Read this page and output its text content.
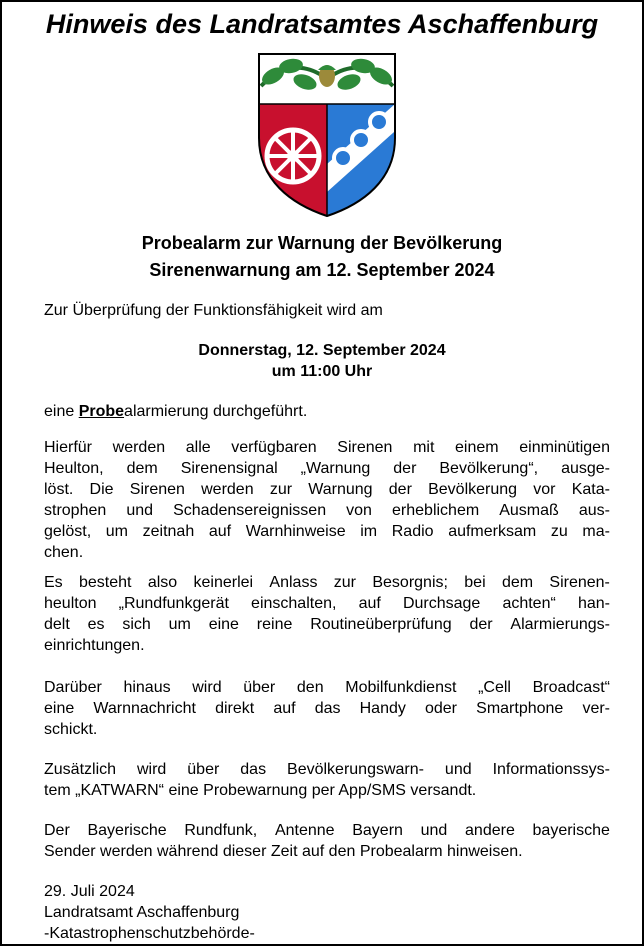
Hinweis des Landratsamtes Aschaffenburg
Probealarm zur Warnung der Bevölkerung
Sirenenwarnung am 12. September 2024
Zur Überprüfung der Funktionsfähigkeit wird am
Donnerstag, 12. September 2024
um 11:00 Uhr
eine Probealarmierung durchgeführt.
Hierfür werden alle verfügbaren Sirenen mit einem einminütigen
Heulton, dem Sirenensignal „Warnung der Bevölkerung“, ausge-
löst. Die Sirenen werden zur Warnung der Bevölkerung vor Kata-
strophen und Schadensereignissen von erheblichem Ausmaß aus-
gelöst, um zeitnah auf Warnhinweise im Radio aufmerksam zu ma-
chen.
Es besteht also keinerlei Anlass zur Besorgnis; bei dem Sirenen-
heulton „Rundfunkgerät einschalten, auf Durchsage achten“ han-
delt es sich um eine reine Routineüberprüfung der Alarmierungs-
einrichtungen.
Darüber hinaus wird über den Mobilfunkdienst „Cell Broadcast“
eine Warnnachricht direkt auf das Handy oder Smartphone ver-
schickt.
Zusätzlich wird über das Bevölkerungswarn- und Informationssys-
tem „KATWARN“ eine Probewarnung per App/SMS versandt.
Der Bayerische Rundfunk, Antenne Bayern und andere bayerische
Sender werden während dieser Zeit auf den Probealarm hinweisen.
29. Juli 2024
Landratsamt Aschaffenburg
-Katastrophenschutzbehörde-
